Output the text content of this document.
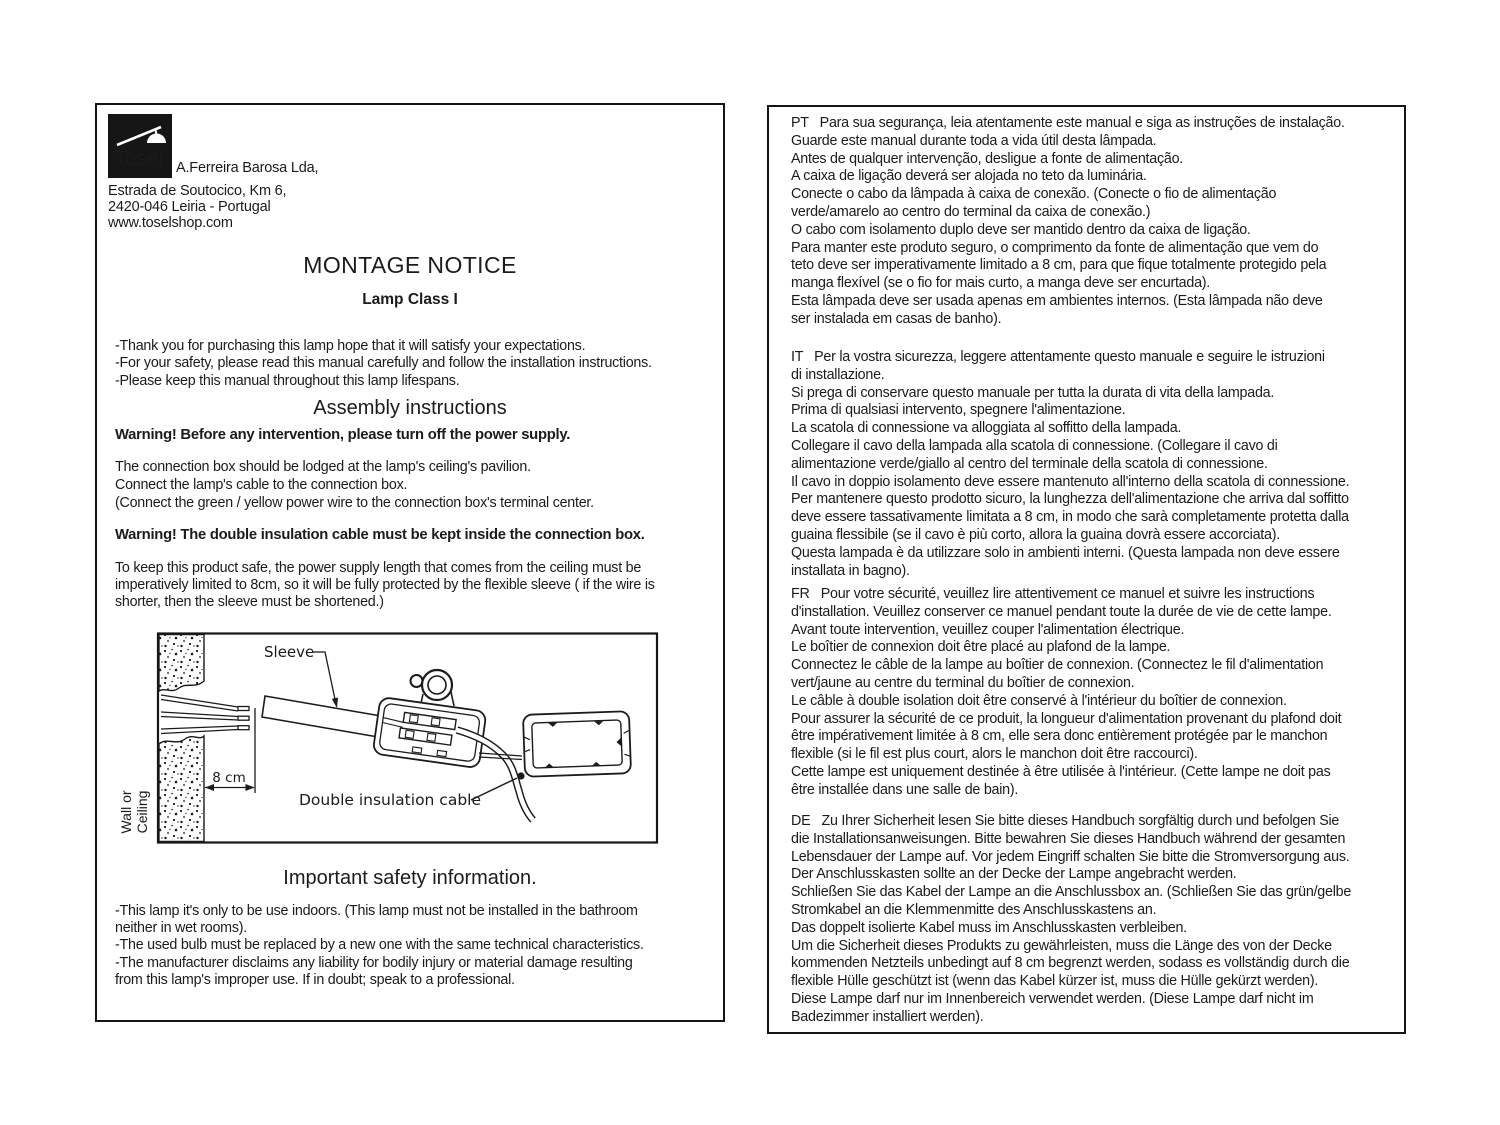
Tosel A.Ferreira Barosa Lda,
Estrada de Soutocico, Km 6,
2420-046 Leiria - Portugal
www.toselshop.com
MONTAGE NOTICE
Lamp Class I
-Thank you for purchasing this lamp hope that it will satisfy your expectations.
-For your safety, please read this manual carefully and follow the installation instructions.
-Please keep this manual throughout this lamp lifespans.
Assembly instructions
Warning! Before any intervention, please turn off the power supply.
The connection box should be lodged at the lamp's ceiling's pavilion.
Connect the lamp's cable to the connection box.
(Connect the green / yellow power wire to the connection box's terminal center.
Warning! The double insulation cable must be kept inside the connection box.
To keep this product safe, the power supply length that comes from the ceiling must be
imperatively limited to 8cm, so it will be fully protected by the flexible sleeve ( if the wire is
shorter, then the sleeve must be shortened.)
8 cm
Sleeve
Double insulation cable
Wall or Ceiling
Important safety information.
-This lamp it's only to be use indoors. (This lamp must not be installed in the bathroom
neither in wet rooms).
-The used bulb must be replaced by a new one with the same technical characteristics.
-The manufacturer disclaims any liability for bodily injury or material damage resulting
from this lamp's improper use. If in doubt; speak to a professional.
PT   Para sua segurança, leia atentamente este manual e siga as instruções de instalação.
Guarde este manual durante toda a vida útil desta lâmpada.
Antes de qualquer intervenção, desligue a fonte de alimentação.
A caixa de ligação deverá ser alojada no teto da luminária.
Conecte o cabo da lâmpada à caixa de conexão. (Conecte o fio de alimentação
verde/amarelo ao centro do terminal da caixa de conexão.)
O cabo com isolamento duplo deve ser mantido dentro da caixa de ligação.
Para manter este produto seguro, o comprimento da fonte de alimentação que vem do
teto deve ser imperativamente limitado a 8 cm, para que fique totalmente protegido pela
manga flexível (se o fio for mais curto, a manga deve ser encurtada).
Esta lâmpada deve ser usada apenas em ambientes internos. (Esta lâmpada não deve
ser instalada em casas de banho).
IT   Per la vostra sicurezza, leggere attentamente questo manuale e seguire le istruzioni
di installazione.
Si prega di conservare questo manuale per tutta la durata di vita della lampada.
Prima di qualsiasi intervento, spegnere l'alimentazione.
La scatola di connessione va alloggiata al soffitto della lampada.
Collegare il cavo della lampada alla scatola di connessione. (Collegare il cavo di
alimentazione verde/giallo al centro del terminale della scatola di connessione.
Il cavo in doppio isolamento deve essere mantenuto all'interno della scatola di connessione.
Per mantenere questo prodotto sicuro, la lunghezza dell'alimentazione che arriva dal soffitto
deve essere tassativamente limitata a 8 cm, in modo che sarà completamente protetta dalla
guaina flessibile (se il cavo è più corto, allora la guaina dovrà essere accorciata).
Questa lampada è da utilizzare solo in ambienti interni. (Questa lampada non deve essere
installata in bagno).
FR   Pour votre sécurité, veuillez lire attentivement ce manuel et suivre les instructions
d'installation. Veuillez conserver ce manuel pendant toute la durée de vie de cette lampe.
Avant toute intervention, veuillez couper l'alimentation électrique.
Le boîtier de connexion doit être placé au plafond de la lampe.
Connectez le câble de la lampe au boîtier de connexion. (Connectez le fil d'alimentation
vert/jaune au centre du terminal du boîtier de connexion.
Le câble à double isolation doit être conservé à l'intérieur du boîtier de connexion.
Pour assurer la sécurité de ce produit, la longueur d'alimentation provenant du plafond doit
être impérativement limitée à 8 cm, elle sera donc entièrement protégée par le manchon
flexible (si le fil est plus court, alors le manchon doit être raccourci).
Cette lampe est uniquement destinée à être utilisée à l'intérieur. (Cette lampe ne doit pas
être installée dans une salle de bain).
DE   Zu Ihrer Sicherheit lesen Sie bitte dieses Handbuch sorgfältig durch und befolgen Sie
die Installationsanweisungen. Bitte bewahren Sie dieses Handbuch während der gesamten
Lebensdauer der Lampe auf. Vor jedem Eingriff schalten Sie bitte die Stromversorgung aus.
Der Anschlusskasten sollte an der Decke der Lampe angebracht werden.
Schließen Sie das Kabel der Lampe an die Anschlussbox an. (Schließen Sie das grün/gelbe
Stromkabel an die Klemmenmitte des Anschlusskastens an.
Das doppelt isolierte Kabel muss im Anschlusskasten verbleiben.
Um die Sicherheit dieses Produkts zu gewährleisten, muss die Länge des von der Decke
kommenden Netzteils unbedingt auf 8 cm begrenzt werden, sodass es vollständig durch die
flexible Hülle geschützt ist (wenn das Kabel kürzer ist, muss die Hülle gekürzt werden).
Diese Lampe darf nur im Innenbereich verwendet werden. (Diese Lampe darf nicht im
Badezimmer installiert werden).
